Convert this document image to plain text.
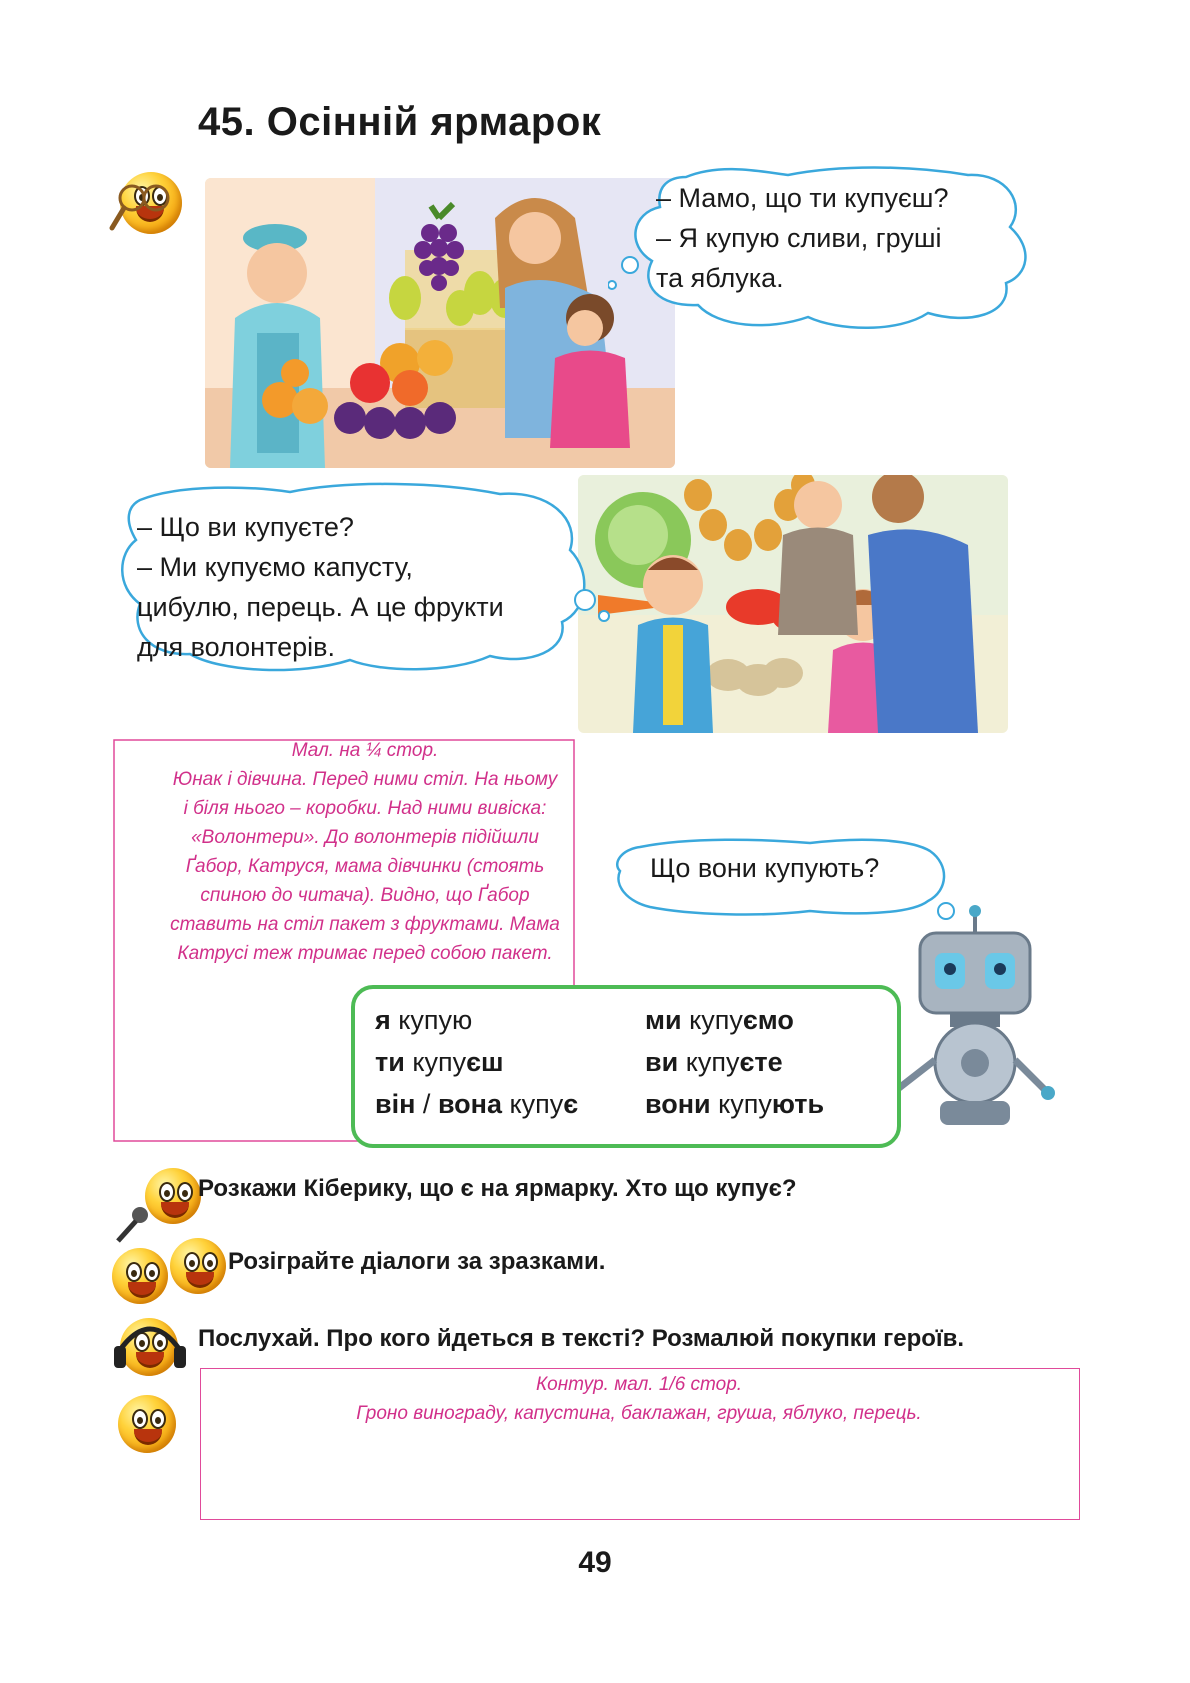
45. Осінній ярмарок
– Мамо, що ти купуєш?
– Я купую сливи, груші
та яблука.
– Що ви купуєте?
– Ми купуємо капусту,
цибулю, перець. А це фрукти
для волонтерів.
Мал. на ¼ стор.
Юнак і дівчина. Перед ними стіл. На ньому
і біля нього – коробки. Над ними вивіска:
«Волонтери». До волонтерів підійшли
Ґабор, Катруся, мама дівчинки (стоять
спиною до читача). Видно, що Ґабор
ставить на стіл пакет з фруктами. Мама
Катрусі теж тримає перед собою пакет.
Що вони купують?
я купую	ми купуємо
ти купуєш	ви купуєте
він / вона купує вони купують
Розкажи Кіберику, що є на ярмарку. Хто що купує?
Розіграйте діалоги за зразками.
Послухай. Про кого йдеться в тексті? Розмалюй покупки героїв.
Контур. мал. 1/6 стор.
Гроно винограду, капустина, баклажан, груша, яблуко, перець.
49
